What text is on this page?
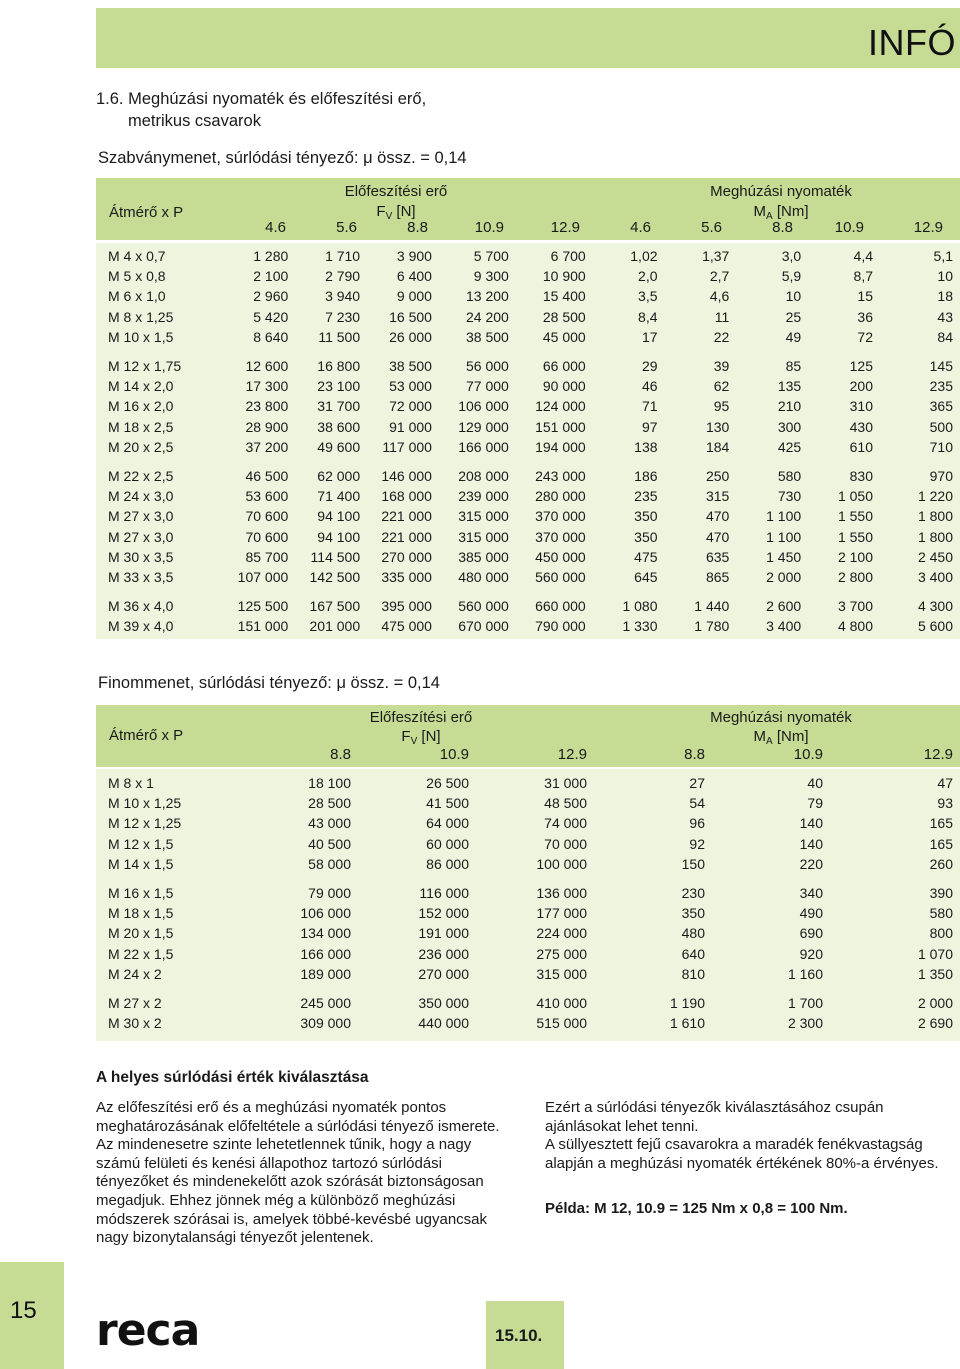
INFÓ
1.6. Meghúzási nyomaték és előfeszítési erő,
metrikus csavarok
Szabványmenet, súrlódási tényező: μ össz. = 0,14
Átmérő x P
Előfeszítési erő
$F_V$ [N]
Meghúzási nyomaték
$M_A$ [Nm]
4.6	5.6	8.8	10.9	12.9	4.6	5.6	8.8	10.9	12.9
M 4 x 0,7	1 280	1 710	3 900	5 700	6 700	1,02	1,37	3,0	4,4	5,1
M 5 x 0,8	2 100	2 790	6 400	9 300	10 900	2,0	2,7	5,9	8,7	10
M 6 x 1,0	2 960	3 940	9 000	13 200	15 400	3,5	4,6	10	15	18
M 8 x 1,25	5 420	7 230	16 500	24 200	28 500	8,4	11	25	36	43
M 10 x 1,5	8 640	11 500	26 000	38 500	45 000	17	22	49	72	84

M 12 x 1,75	12 600	16 800	38 500	56 000	66 000	29	39	85	125	145
M 14 x 2,0	17 300	23 100	53 000	77 000	90 000	46	62	135	200	235
M 16 x 2,0	23 800	31 700	72 000	106 000	124 000	71	95	210	310	365
M 18 x 2,5	28 900	38 600	91 000	129 000	151 000	97	130	300	430	500
M 20 x 2,5	37 200	49 600	117 000	166 000	194 000	138	184	425	610	710

M 22 x 2,5	46 500	62 000	146 000	208 000	243 000	186	250	580	830	970
M 24 x 3,0	53 600	71 400	168 000	239 000	280 000	235	315	730	1 050	1 220
M 27 x 3,0	70 600	94 100	221 000	315 000	370 000	350	470	1 100	1 550	1 800
M 27 x 3,0	70 600	94 100	221 000	315 000	370 000	350	470	1 100	1 550	1 800
M 30 x 3,5	85 700	114 500	270 000	385 000	450 000	475	635	1 450	2 100	2 450
M 33 x 3,5	107 000	142 500	335 000	480 000	560 000	645	865	2 000	2 800	3 400

M 36 x 4,0	125 500	167 500	395 000	560 000	660 000	1 080	1 440	2 600	3 700	4 300
M 39 x 4,0	151 000	201 000	475 000	670 000	790 000	1 330	1 780	3 400	4 800	5 600
Finommenet, súrlódási tényező: μ össz. = 0,14
Átmérő x P
Előfeszítési erő
$F_V$ [N]
Meghúzási nyomaték
$M_A$ [Nm]
8.8	10.9	12.9	8.8	10.9	12.9
M 8 x 1	18 100	26 500	31 000	27	40	47
M 10 x 1,25	28 500	41 500	48 500	54	79	93
M 12 x 1,25	43 000	64 000	74 000	96	140	165
M 12 x 1,5	40 500	60 000	70 000	92	140	165
M 14 x 1,5	58 000	86 000	100 000	150	220	260

M 16 x 1,5	79 000	116 000	136 000	230	340	390
M 18 x 1,5	106 000	152 000	177 000	350	490	580
M 20 x 1,5	134 000	191 000	224 000	480	690	800
M 22 x 1,5	166 000	236 000	275 000	640	920	1 070
M 24 x 2	189 000	270 000	315 000	810	1 160	1 350

M 27 x 2	245 000	350 000	410 000	1 190	1 700	2 000
M 30 x 2	309 000	440 000	515 000	1 610	2 300	2 690
A helyes súrlódási érték kiválasztása
Az előfeszítési erő és a meghúzási nyomaték pontos meghatározásának előfeltétele a súrlódási tényező ismerete. Az mindenesetre szinte lehetetlennek tűnik, hogy a nagy számú felületi és kenési állapothoz tartozó súrlódási tényezőket és mindenekelőtt azok szórását biztonságosan megadjuk. Ehhez jönnek még a különböző meghúzási módszerek szórásai is, amelyek többé-kevésbé ugyancsak nagy bizonytalansági tényezőt jelentenek.
Ezért a súrlódási tényezők kiválasztásához csupán ajánlásokat lehet tenni.
A süllyesztett fejű csavarokra a maradék fenékvastagság alapján a meghúzási nyomaték értékének 80%-a érvényes.
Példa: M 12, 10.9 = 125 Nm x 0,8 = 100 Nm.
15 reca	15.10.
